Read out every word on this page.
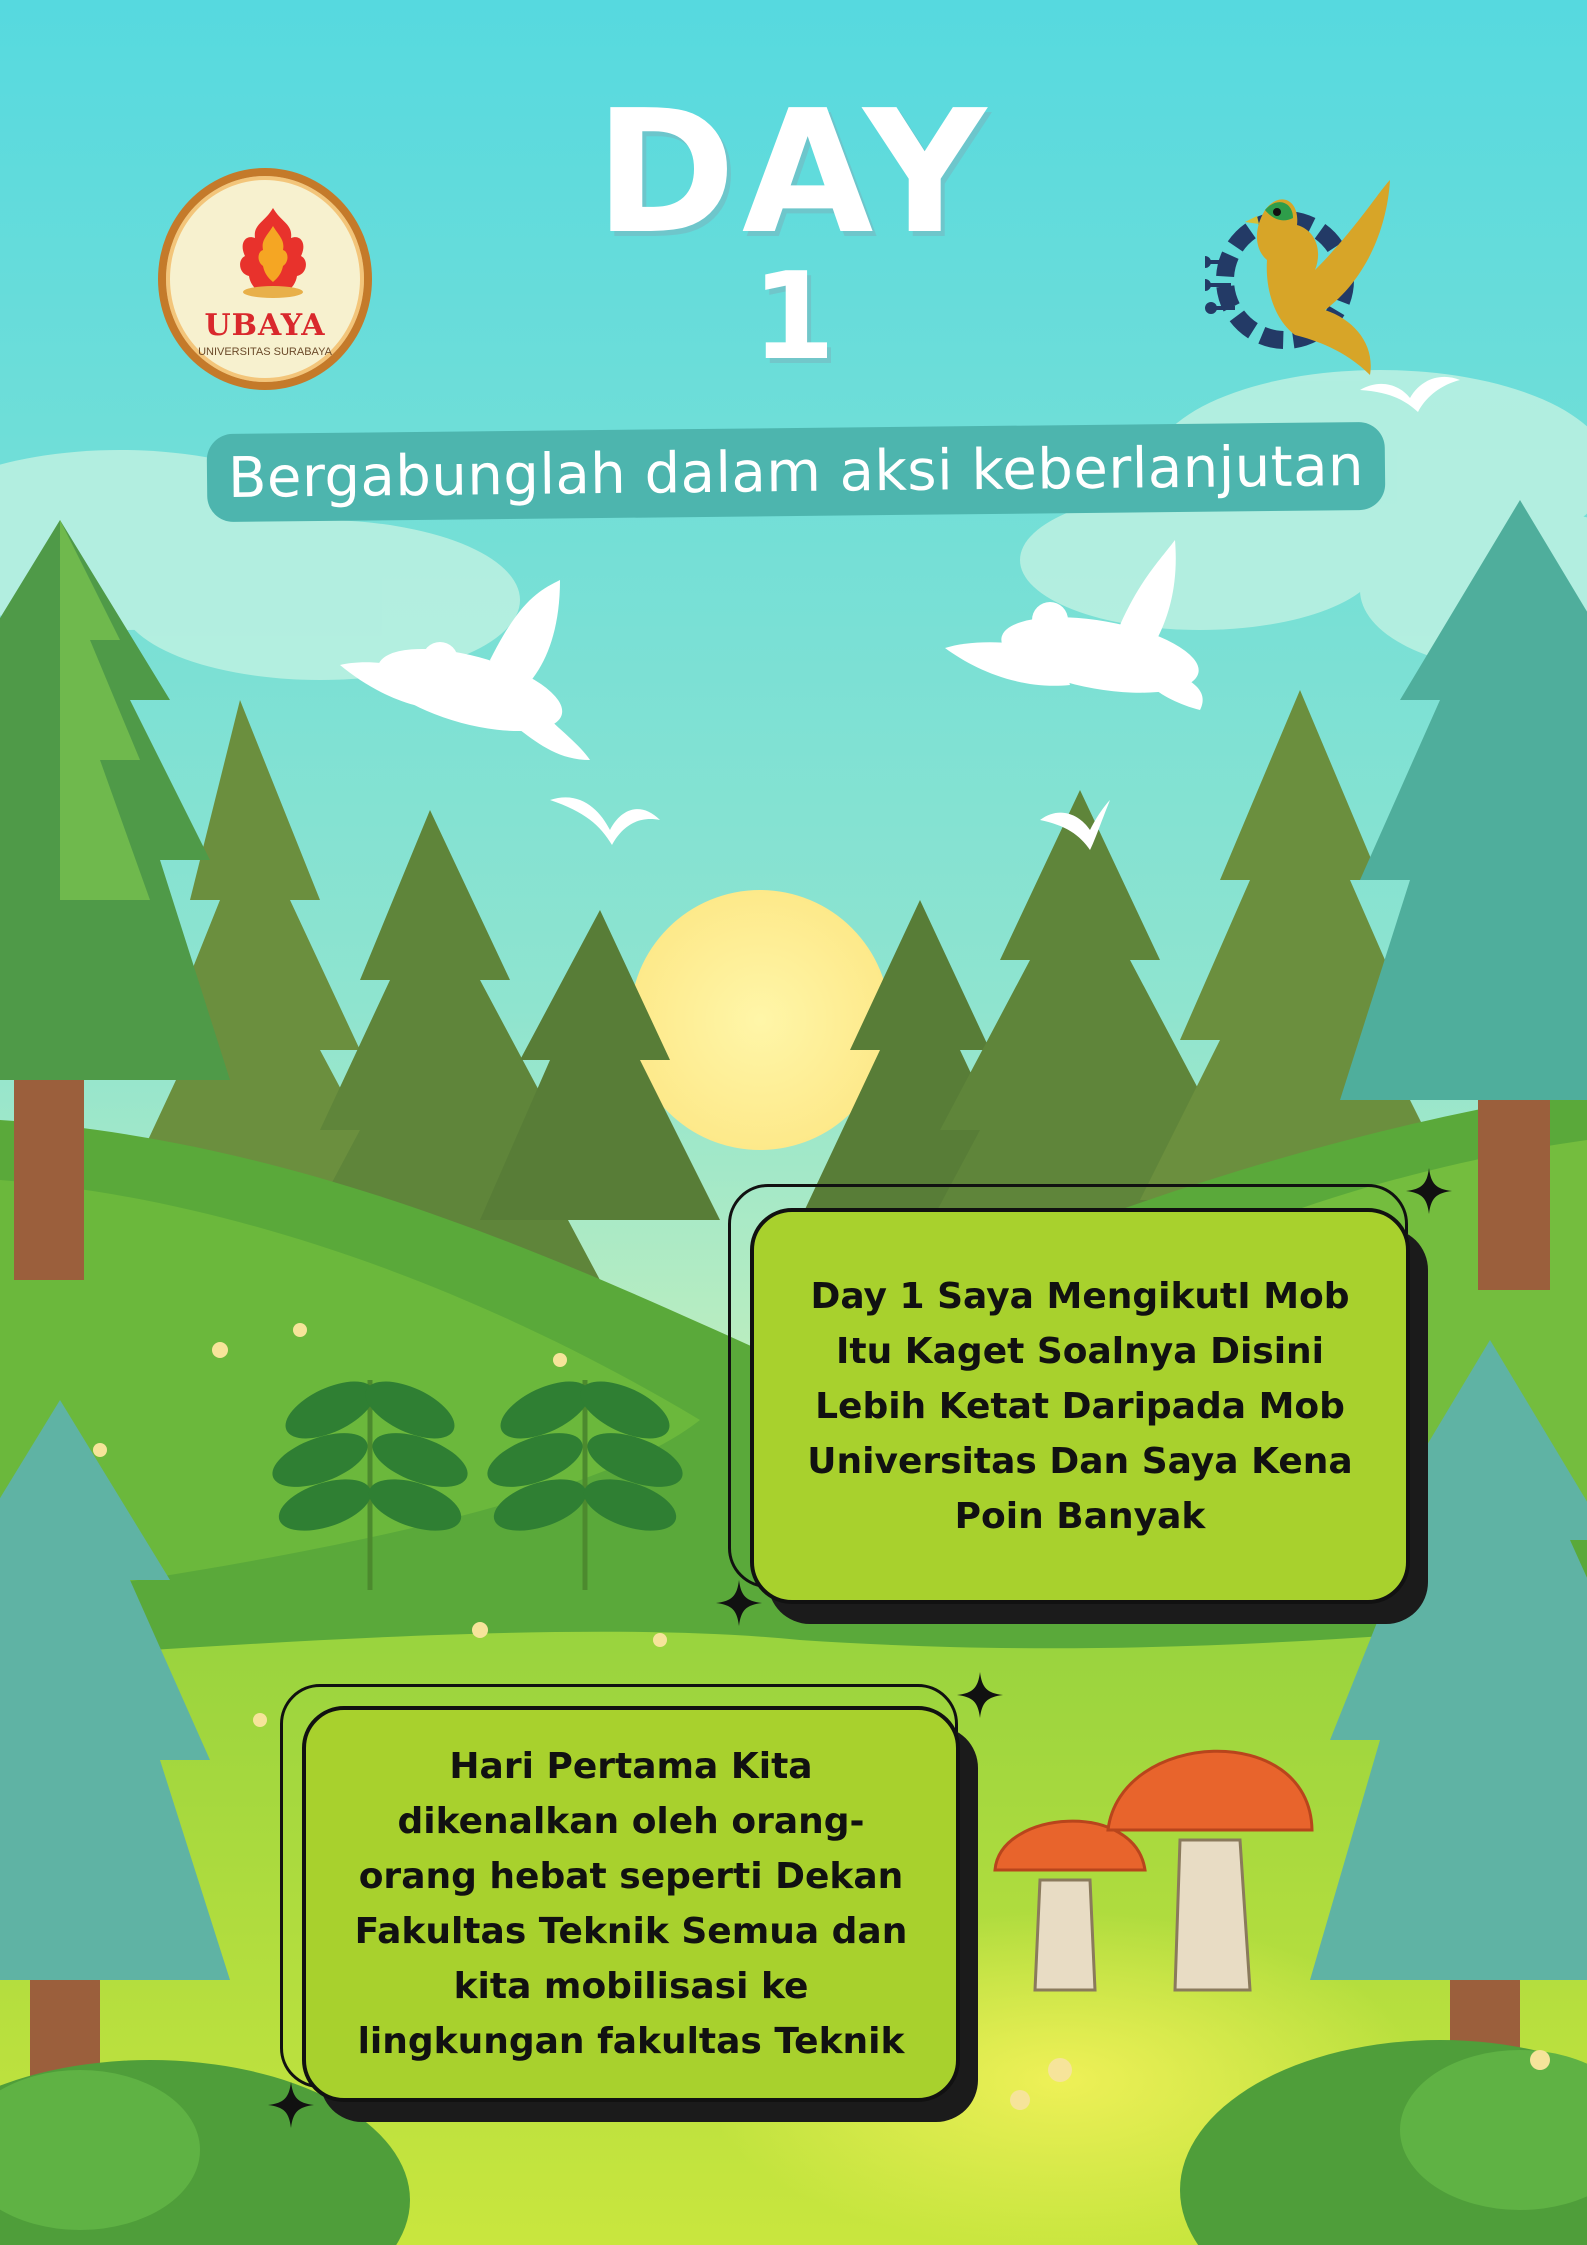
DAY
1
Bergabunglah dalam aksi keberlanjutan
UBAYA
UNIVERSITAS SURABAYA
Day 1 Saya MengikutI Mob Itu Kaget Soalnya Disini Lebih Ketat Daripada Mob Universitas Dan Saya Kena Poin Banyak
Hari Pertama Kita dikenalkan oleh orang-orang hebat seperti Dekan Fakultas Teknik Semua dan kita mobilisasi ke lingkungan fakultas Teknik
